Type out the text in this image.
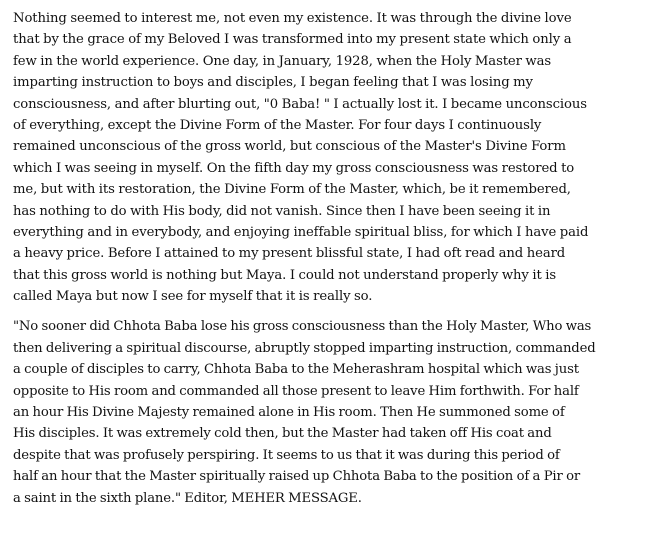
Nothing seemed to interest me, not even my existence. It was through the divine love
that by the grace of my Beloved I was transformed into my present state which only a
few in the world experience. One day, in January, 1928, when the Holy Master was
imparting instruction to boys and disciples, I began feeling that I was losing my
consciousness, and after blurting out, "0 Baba! " I actually lost it. I became unconscious
of everything, except the Divine Form of the Master. For four days I continuously
remained unconscious of the gross world, but conscious of the Master's Divine Form
which I was seeing in myself. On the fifth day my gross consciousness was restored to
me, but with its restoration, the Divine Form of the Master, which, be it remembered,
has nothing to do with His body, did not vanish. Since then I have been seeing it in
everything and in everybody, and enjoying ineffable spiritual bliss, for which I have paid
a heavy price. Before I attained to my present blissful state, I had oft read and heard
that this gross world is nothing but Maya. I could not understand properly why it is
called Maya but now I see for myself that it is really so.

"No sooner did Chhota Baba lose his gross consciousness than the Holy Master, Who was
then delivering a spiritual discourse, abruptly stopped imparting instruction, commanded
a couple of disciples to carry, Chhota Baba to the Meherashram hospital which was just
opposite to His room and commanded all those present to leave Him forthwith. For half
an hour His Divine Majesty remained alone in His room. Then He summoned some of
His disciples. It was extremely cold then, but the Master had taken off His coat and
despite that was profusely perspiring. It seems to us that it was during this period of
half an hour that the Master spiritually raised up Chhota Baba to the position of a Pir or
a saint in the sixth plane." Editor, MEHER MESSAGE.
